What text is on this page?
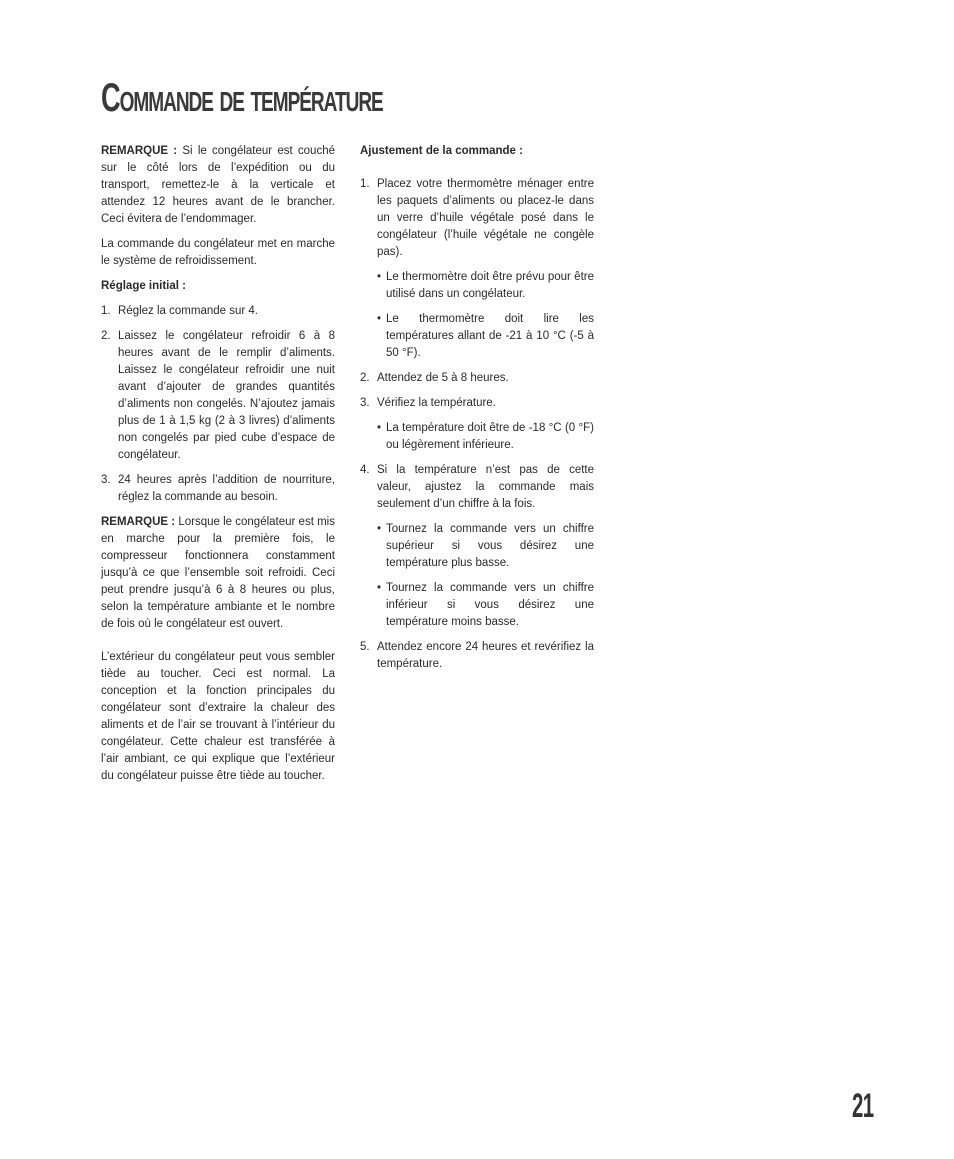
Commande de température

REMARQUE : Si le congélateur est couché sur le côté lors de l’expédition ou du transport, remettez-le à la verticale et attendez 12 heures avant de le brancher. Ceci évitera de l’endommager.

La commande du congélateur met en marche le système de refroidissement.

Réglage initial :

1. Réglez la commande sur 4.
2. Laissez le congélateur refroidir 6 à 8 heures avant de le remplir d’aliments. Laissez le congélateur refroidir une nuit avant d’ajouter de grandes quantités d’aliments non congelés. N’ajoutez jamais plus de 1 à 1,5 kg (2 à 3 livres) d’aliments non congelés par pied cube d’espace de congélateur.
3. 24 heures après l’addition de nourriture, réglez la commande au besoin.

REMARQUE : Lorsque le congélateur est mis en marche pour la première fois, le compresseur fonctionnera constamment jusqu’à ce que l’ensemble soit refroidi. Ceci peut prendre jusqu’à 6 à 8 heures ou plus, selon la température ambiante et le nombre de fois où le congélateur est ouvert.

L’extérieur du congélateur peut vous sembler tiède au toucher. Ceci est normal. La conception et la fonction principales du congélateur sont d’extraire la chaleur des aliments et de l’air se trouvant à l’intérieur du congélateur. Cette chaleur est transférée à l’air ambiant, ce qui explique que l’extérieur du congélateur puisse être tiède au toucher.

Ajustement de la commande :

1. Placez votre thermomètre ménager entre les paquets d’aliments ou placez-le dans un verre d’huile végétale posé dans le congélateur (l’huile végétale ne congèle pas).
• Le thermomètre doit être prévu pour être utilisé dans un congélateur.
• Le thermomètre doit lire les températures allant de -21 à 10 °C (-5 à 50 °F).
2. Attendez de 5 à 8 heures.
3. Vérifiez la température.
• La température doit être de -18 °C (0 °F) ou légèrement inférieure.
4. Si la température n’est pas de cette valeur, ajustez la commande mais seulement d’un chiffre à la fois.
• Tournez la commande vers un chiffre supérieur si vous désirez une température plus basse.
• Tournez la commande vers un chiffre inférieur si vous désirez une température moins basse.
5. Attendez encore 24 heures et revérifiez la température.
21
